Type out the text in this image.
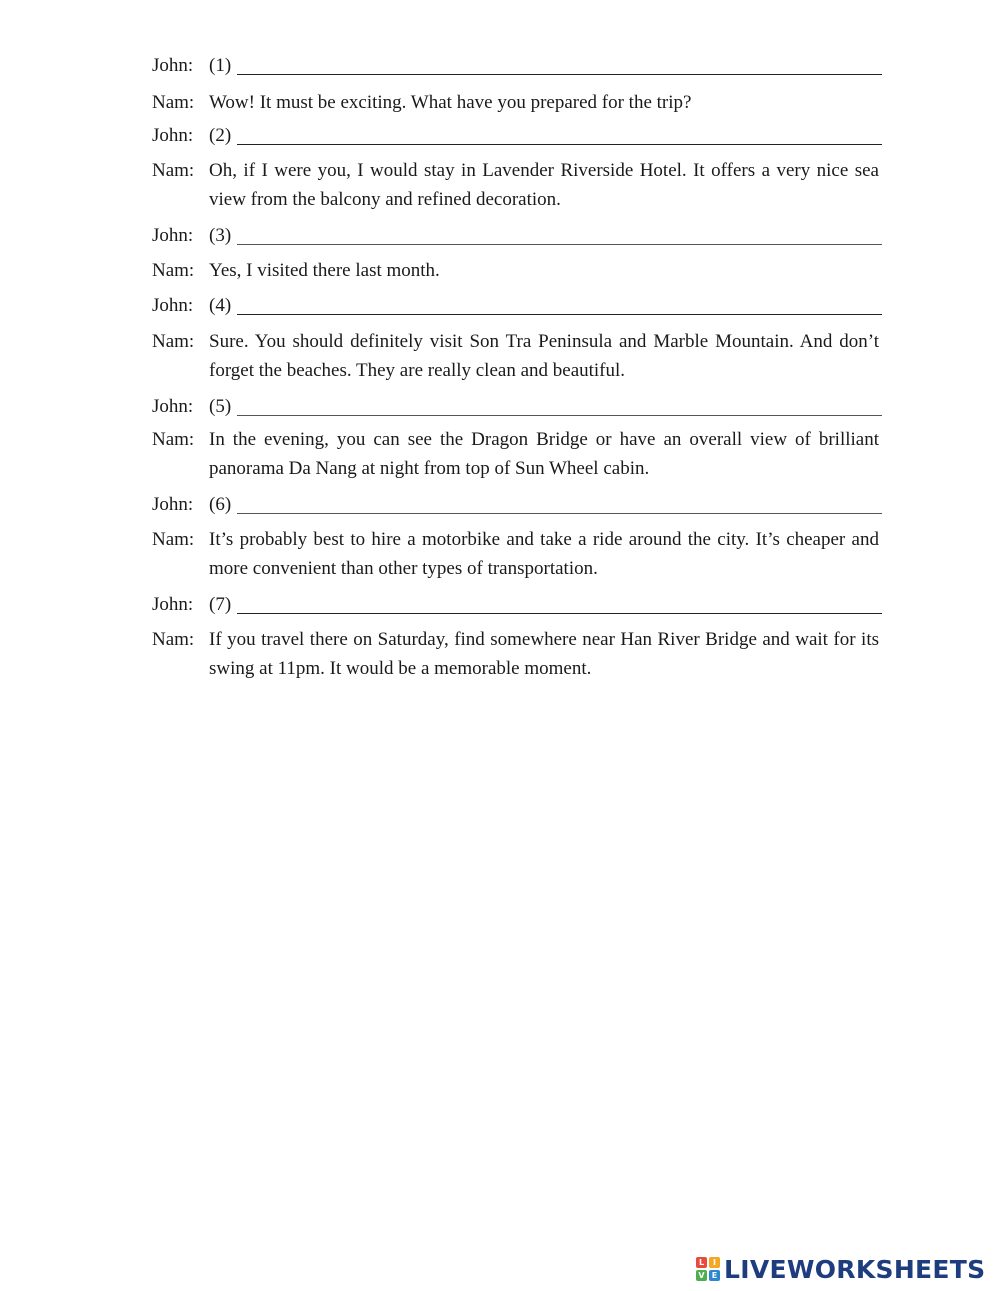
John: (1)
Nam: Wow! It must be exciting. What have you prepared for the trip?
John: (2)
Nam: Oh, if I were you, I would stay in Lavender Riverside Hotel. It offers a very nice sea view from the balcony and refined decoration.
John: (3)
Nam: Yes, I visited there last month.
John: (4)
Nam: Sure. You should definitely visit Son Tra Peninsula and Marble Mountain. And don’t forget the beaches. They are really clean and beautiful.
John: (5)
Nam: In the evening, you can see the Dragon Bridge or have an overall view of brilliant panorama Da Nang at night from top of Sun Wheel cabin.
John: (6)
Nam: It’s probably best to hire a motorbike and take a ride around the city. It’s cheaper and more convenient than other types of transportation.
John: (7)
Nam: If you travel there on Saturday, find somewhere near Han River Bridge and wait for its swing at 11pm. It would be a memorable moment.
L	I
V E LIVEWORKSHEETS
